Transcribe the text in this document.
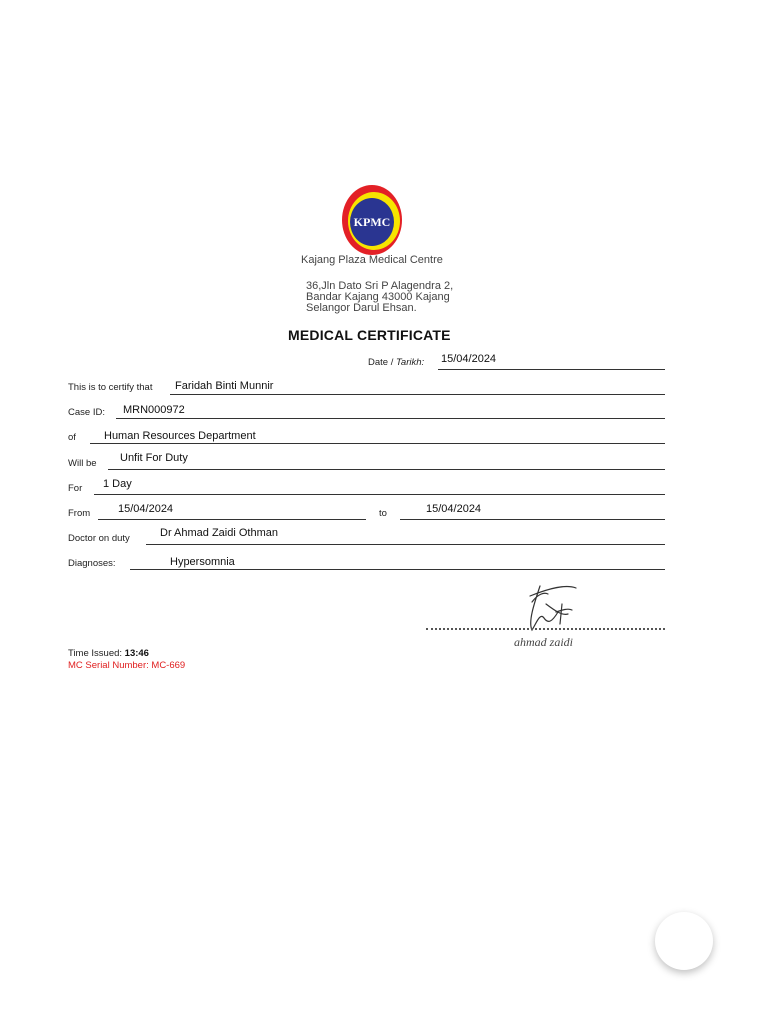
KPMC
Kajang Plaza Medical Centre
36,Jln Dato Sri P Alagendra 2,
Bandar Kajang 43000 Kajang
Selangor Darul Ehsan.
MEDICAL CERTIFICATE
Date / Tarikh: 15/04/2024
This is to certify that Faridah Binti Munnir
Case ID: MRN000972
of	Human Resources Department
Will be Unfit For Duty
For 1 Day
From	15/04/2024	to	15/04/2024
Doctor on duty	Dr Ahmad Zaidi Othman
Diagnoses:	Hypersomnia
ahmad zaidi
Time Issued: 13:46
MC Serial Number: MC-669
